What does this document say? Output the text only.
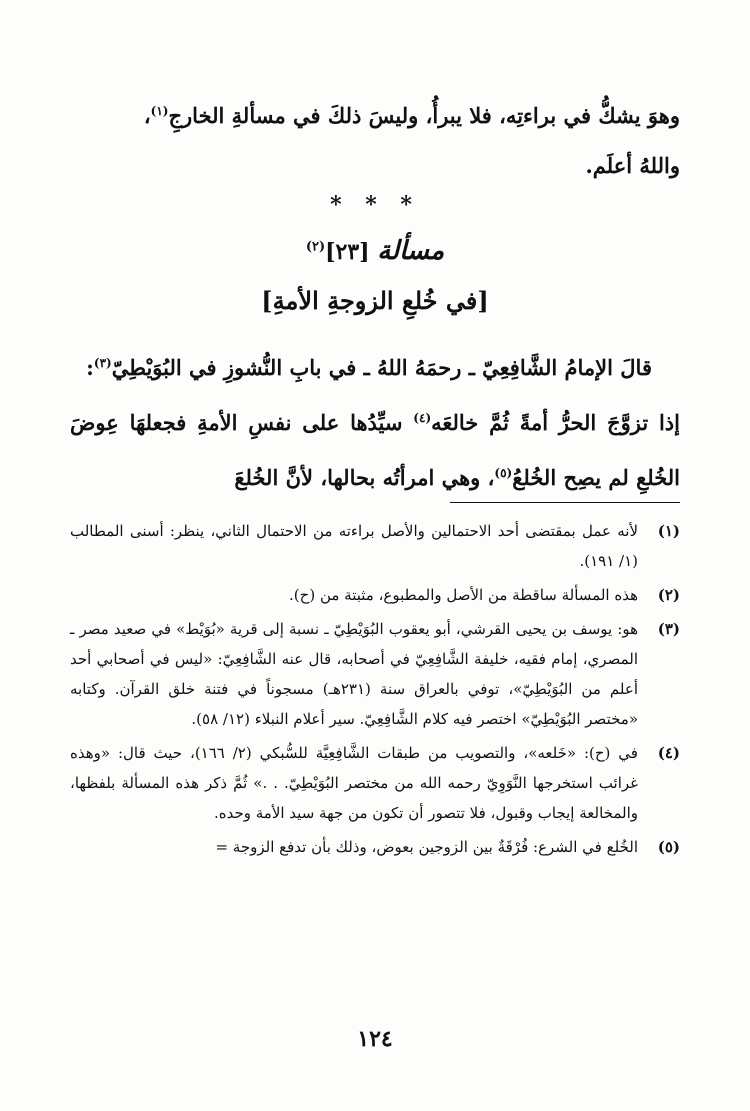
وهوَ يشكُّ في براءتِه، فلا يبرأُ، وليسَ ذلكَ في مسألةِ الخارجِ$^{(١)}$،

واللهُ أعلَم.

* * *
مسألة [٢٣]$^{(٢)}$
[في خُلعِ الزوجةِ الأمةِ]

قالَ الإمامُ الشَّافِعِيّ ـ رحمَهُ اللهُ ـ في بابِ النُّشوزِ في البُوَيْطِيّ$^{(٣)}$:

إذا تزوَّجَ الحرُّ أمةً ثُمَّ خالعَه$^{(٤)}$ سيِّدُها على نفسِ الأمةِ فجعلهَا عِوضَ الخُلعِ لم يصِح الخُلعُ$^{(٥)}$، وهي امرأتُه بحالها، لأنَّ الخُلعَ

(١)
لأنه عمل بمقتضى أحد الاحتمالين والأصل براءته من الاحتمال الثاني، ينظر: أسنى المطالب (١/ ١٩١).
(٢)
هذه المسألة ساقطة من الأصل والمطبوع، مثبتة من (ح).
(٣)
هو: يوسف بن يحيى القرشي، أبو يعقوب البُوَيْطِيّ ـ نسبة إلى قرية «بُوَيْط» في صعيد مصر ـ المصري، إمام فقيه، خليفة الشَّافِعِيّ في أصحابه، قال عنه الشَّافِعِيّ: «ليس في أصحابي أحد أعلم من البُوَيْطِيّ»، توفي بالعراق سنة (٢٣١هـ) مسجوناً في فتنة خلق القرآن. وكتابه «مختصر البُوَيْطِيّ» اختصر فيه كلام الشَّافِعِيّ. سير أعلام النبلاء (١٢/ ٥٨).
(٤)
في (ح): «خَلعه»، والتصويب من طبقات الشَّافِعِيَّة للسُّبكي (٢/ ١٦٦)، حيث قال: «وهذه غرائب استخرجها النَّوَوِيّ رحمه الله من مختصر البُوَيْطِيّ. . .» ثُمَّ ذكر هذه المسألة بلفظها، والمخالعة إيجاب وقبول، فلا تتصور أن تكون من جهة سيد الأمة وحده.
(٥)
الخُلع في الشرع: فُرْقَةٌ بين الزوجين بعوض، وذلك بأن تدفع الزوجة =
١٢٤
